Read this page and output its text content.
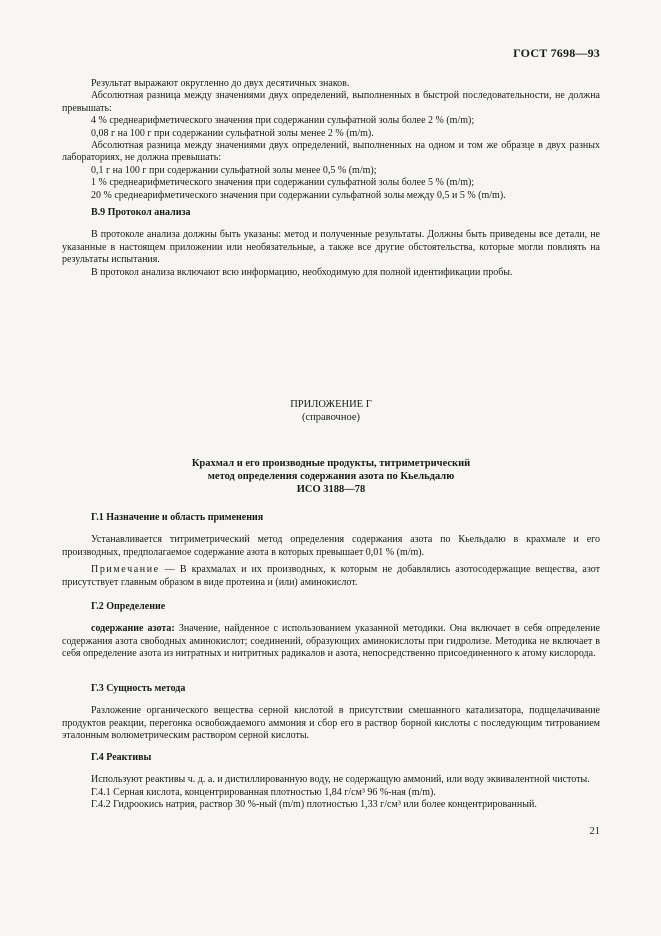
ГОСТ 7698—93

Результат выражают округленно до двух десятичных знаков.

Абсолютная разница между значениями двух определений, выполненных в быстрой последовательности, не должна превышать:

4 % среднеарифметического значения при содержании сульфатной золы более 2 % (m/m);

0,08 г на 100 г при содержании сульфатной золы менее 2 % (m/m).

Абсолютная разница между значениями двух определений, выполненных на одном и том же образце в двух разных лабораториях, не должна превышать:

0,1 г на 100 г при содержании сульфатной золы менее 0,5 % (m/m);

1 % среднеарифметического значения при содержании сульфатной золы более 5 % (m/m);

20 % среднеарифметического значения при содержании сульфатной золы между 0,5 и 5 % (m/m).

В.9 Протокол анализа

В протоколе анализа должны быть указаны: метод и полученные результаты. Должны быть приведены все детали, не указанные в настоящем приложении или необязательные, а также все другие обстоятельства, которые могли повлиять на результаты испытания.

В протокол анализа включают всю информацию, необходимую для полной идентификации пробы.

ПРИЛОЖЕНИЕ Г
(справочное)
Крахмал и его производные продукты, титриметрический
метод определения содержания азота по Кьельдалю
ИСО 3188—78

Г.1 Назначение и область применения

Устанавливается титриметрический метод определения содержания азота по Кьельдалю в крахмале и его производных, предполагаемое содержание азота в которых превышает 0,01 % (m/m).

Примечание — В крахмалах и их производных, к которым не добавлялись азотосодержащие вещества, азот присутствует главным образом в виде протеина и (или) аминокислот.

Г.2 Определение

содержание азота: Значение, найденное с использованием указанной методики. Она включает в себя определение содержания азота свободных аминокислот; соединений, образующих аминокислоты при гидролизе. Методика не включает в себя определение азота из нитратных и нитритных радикалов и азота, непосредственно присоединенного к атому кислорода.

Г.3 Сущность метода

Разложение органического вещества серной кислотой в присутствии смешанного катализатора, подщелачивание продуктов реакции, перегонка освобождаемого аммония и сбор его в раствор борной кислоты с последующим титрованием эталонным волюметрическим раствором серной кислоты.

Г.4 Реактивы

Используют реактивы ч. д. а. и дистиллированную воду, не содержащую аммоний, или воду эквивалентной чистоты.

Г.4.1 Серная кислота, концентрированная плотностью 1,84 г/см³ 96 %-ная (m/m).

Г.4.2 Гидроокись натрия, раствор 30 %-ный (m/m) плотностью 1,33 г/см³ или более концентрированный.

21
